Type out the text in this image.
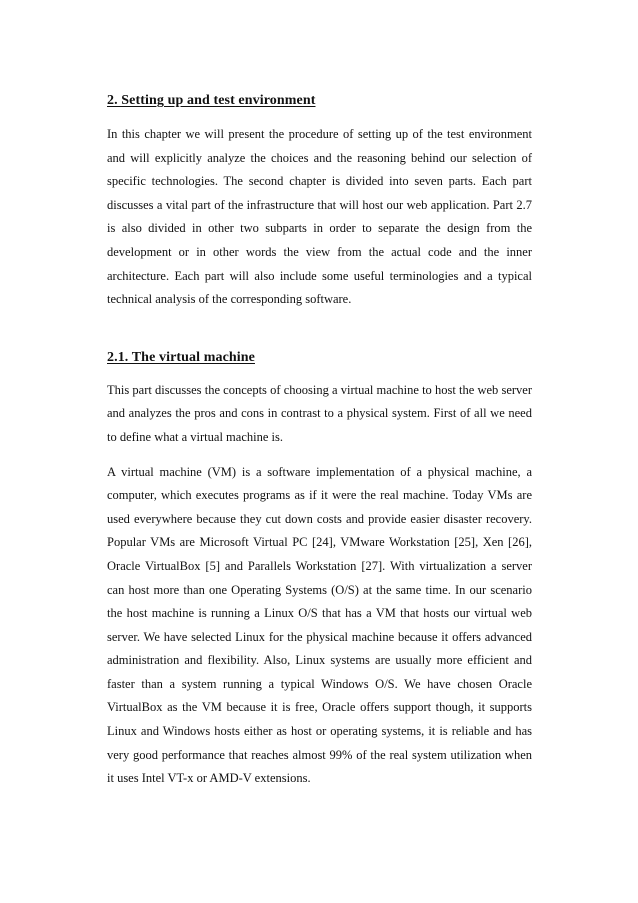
2. Setting up and test environment

In this chapter we will present the procedure of setting up of the test environment and will explicitly analyze the choices and the reasoning behind our selection of specific technologies. The second chapter is divided into seven parts. Each part discusses a vital part of the infrastructure that will host our web application. Part 2.7 is also divided in other two subparts in order to separate the design from the development or in other words the view from the actual code and the inner architecture. Each part will also include some useful terminologies and a typical technical analysis of the corresponding software.

2.1. The virtual machine

This part discusses the concepts of choosing a virtual machine to host the web server and analyzes the pros and cons in contrast to a physical system. First of all we need to define what a virtual machine is.

A virtual machine (VM) is a software implementation of a physical machine, a computer, which executes programs as if it were the real machine. Today VMs are used everywhere because they cut down costs and provide easier disaster recovery. Popular VMs are Microsoft Virtual PC [24], VMware Workstation [25], Xen [26], Oracle VirtualBox [5] and Parallels Workstation [27]. With virtualization a server can host more than one Operating Systems (O/S) at the same time. In our scenario the host machine is running a Linux O/S that has a VM that hosts our virtual web server. We have selected Linux for the physical machine because it offers advanced administration and flexibility. Also, Linux systems are usually more efficient and faster than a system running a typical Windows O/S. We have chosen Oracle VirtualBox as the VM because it is free, Oracle offers support though, it supports Linux and Windows hosts either as host or operating systems, it is reliable and has very good performance that reaches almost 99% of the real system utilization when it uses Intel VT-x or AMD-V extensions.
